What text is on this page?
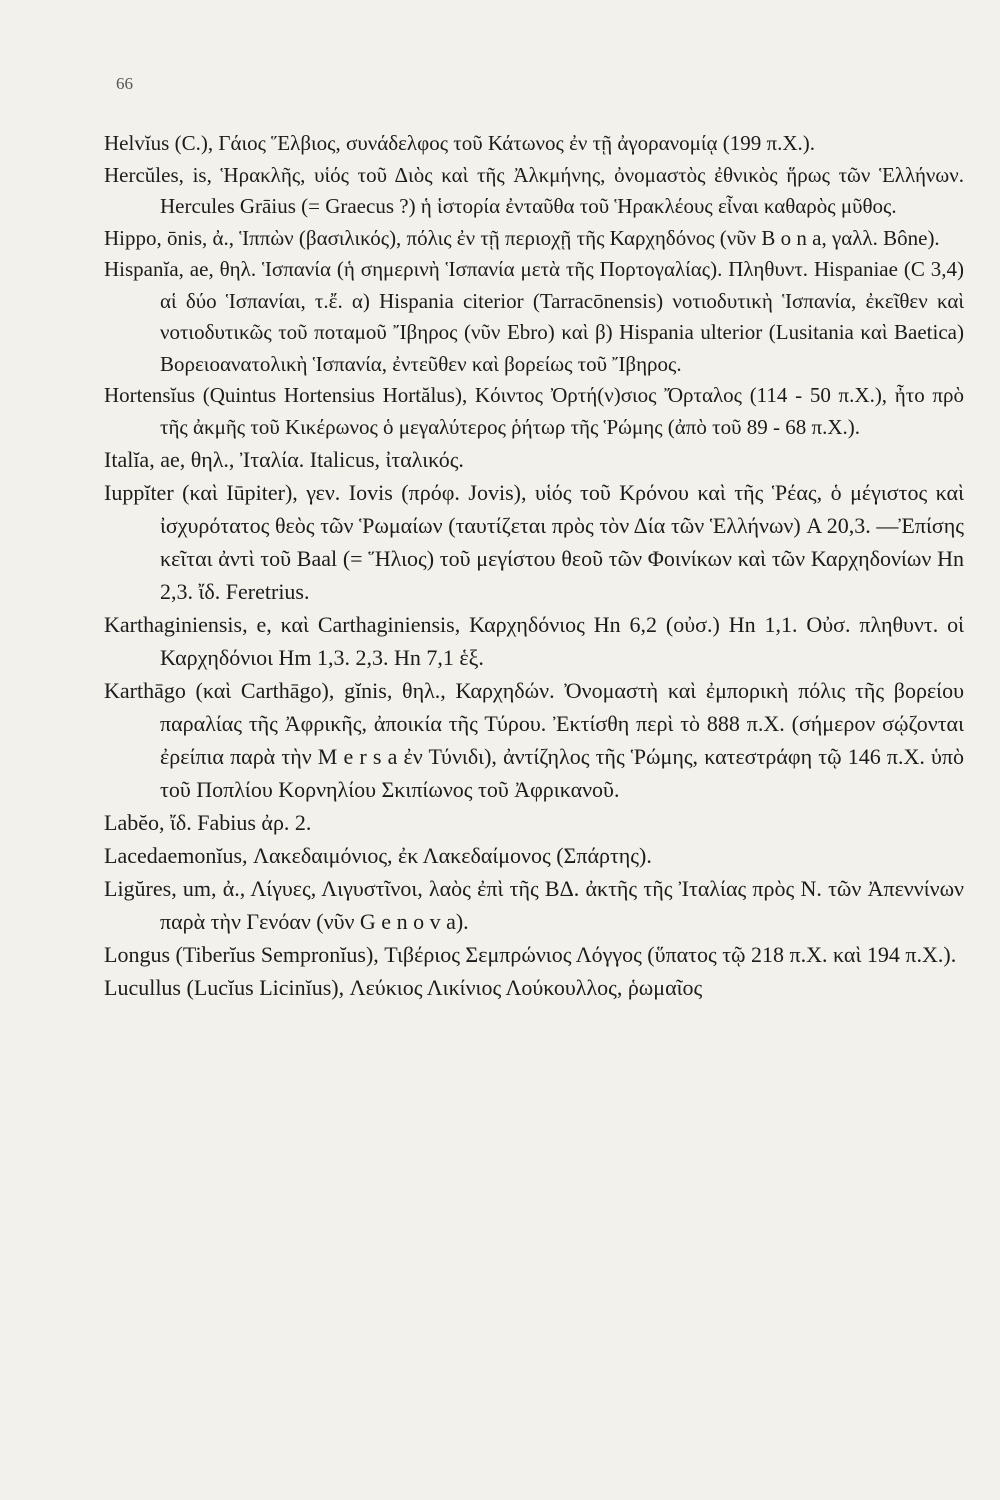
66

Helvĭus (C.), Γάιος Ἕλβιος, συνάδελφος τοῦ Κάτωνος ἐν τῇ ἀγορανομίᾳ (199 π.Χ.).

Hercŭles, is, Ἡρακλῆς, υἱός τοῦ Διὸς καὶ τῆς Ἀλκμήνης, ὀνομαστὸς ἐθνικὸς ἥρως τῶν Ἑλλήνων. Hercules Grāius (= Graecus ?) ἡ ἱστορία ἐνταῦθα τοῦ Ἡρακλέους εἶναι καθαρὸς μῦθος.

Hippo, ōnis, ἀ., Ἱππὼν (βασιλικός), πόλις ἐν τῇ περιοχῇ τῆς Καρχηδόνος (νῦν B o n a, γαλλ. Bône).

Hispanĭa, ae, θηλ. Ἱσπανία (ἡ σημερινὴ Ἱσπανία μετὰ τῆς Πορτογαλίας). Πληθυντ. Hispaniae (C 3,4) αἱ δύο Ἱσπανίαι, τ.ἔ. α) Hispania citerior (Tarracōnensis) νοτιοδυτικὴ Ἱσπανία, ἐκεῖθεν καὶ νοτιοδυτικῶς τοῦ ποταμοῦ Ἴβηρος (νῦν Ebro) καὶ β) Hispania ulterior (Lusitania καὶ Baetica) Βορειοανατολικὴ Ἱσπανία, ἐντεῦθεν καὶ βορείως τοῦ Ἴβηρος.

Hortensĭus (Quintus Hortensius Hortălus), Κόιντος Ὀρτή(ν)σιος Ὄρταλος (114 - 50 π.Χ.), ἦτο πρὸ τῆς ἀκμῆς τοῦ Κικέρωνος ὁ μεγαλύτερος ῥήτωρ τῆς Ῥώμης (ἀπὸ τοῦ 89 - 68 π.Χ.).

Italĭa, ae, θηλ., Ἰταλία. Italicus, ἰταλικός.

Iuppĭter (καὶ Iūpiter), γεν. Iovis (πρόφ. Jovis), υἱός τοῦ Κρόνου καὶ τῆς Ῥέας, ὁ μέγιστος καὶ ἰσχυρότατος θεὸς τῶν Ῥωμαίων (ταυτίζεται πρὸς τὸν Δία τῶν Ἑλλήνων) A 20,3. —Ἐπίσης κεῖται ἀντὶ τοῦ Baal (= Ἥλιος) τοῦ μεγίστου θεοῦ τῶν Φοινίκων καὶ τῶν Καρχηδονίων Hn 2,3. ἴδ. Feretrius.

Karthaginiensis, e, καὶ Carthaginiensis, Καρχηδόνιος Hn 6,2 (οὐσ.) Hn 1,1. Οὐσ. πληθυντ. οἱ Καρχηδόνιοι Hm 1,3. 2,3. Hn 7,1 ἑξ.

Karthāgo (καὶ Carthāgo), gĭnis, θηλ., Καρχηδών. Ὀνομαστὴ καὶ ἐμπορικὴ πόλις τῆς βορείου παραλίας τῆς Ἀφρικῆς, ἀποικία τῆς Τύρου. Ἐκτίσθη περὶ τὸ 888 π.Χ. (σήμερον σῴζονται ἐρείπια παρὰ τὴν M e r s a ἐν Τύνιδι), ἀντίζηλος τῆς Ῥώμης, κατεστράφη τῷ 146 π.Χ. ὑπὸ τοῦ Ποπλίου Κορνηλίου Σκιπίωνος τοῦ Ἀφρικανοῦ.

Labĕo, ἴδ. Fabius ἀρ. 2.

Lacedaemonĭus, Λακεδαιμόνιος, ἐκ Λακεδαίμονος (Σπάρτης).

Ligŭres, um, ἀ., Λίγυες, Λιγυστῖνοι, λαὸς ἐπὶ τῆς ΒΔ. ἀκτῆς τῆς Ἰταλίας πρὸς Ν. τῶν Ἀπεννίνων παρὰ τὴν Γενόαν (νῦν G e n o v a).

Longus (Tiberĭus Sempronĭus), Τιβέριος Σεμπρώνιος Λόγγος (ὕπατος τῷ 218 π.Χ. καὶ 194 π.Χ.).

Lucullus (Lucĭus Licinĭus), Λεύκιος Λικίνιος Λούκουλλος, ῥωμαῖος
